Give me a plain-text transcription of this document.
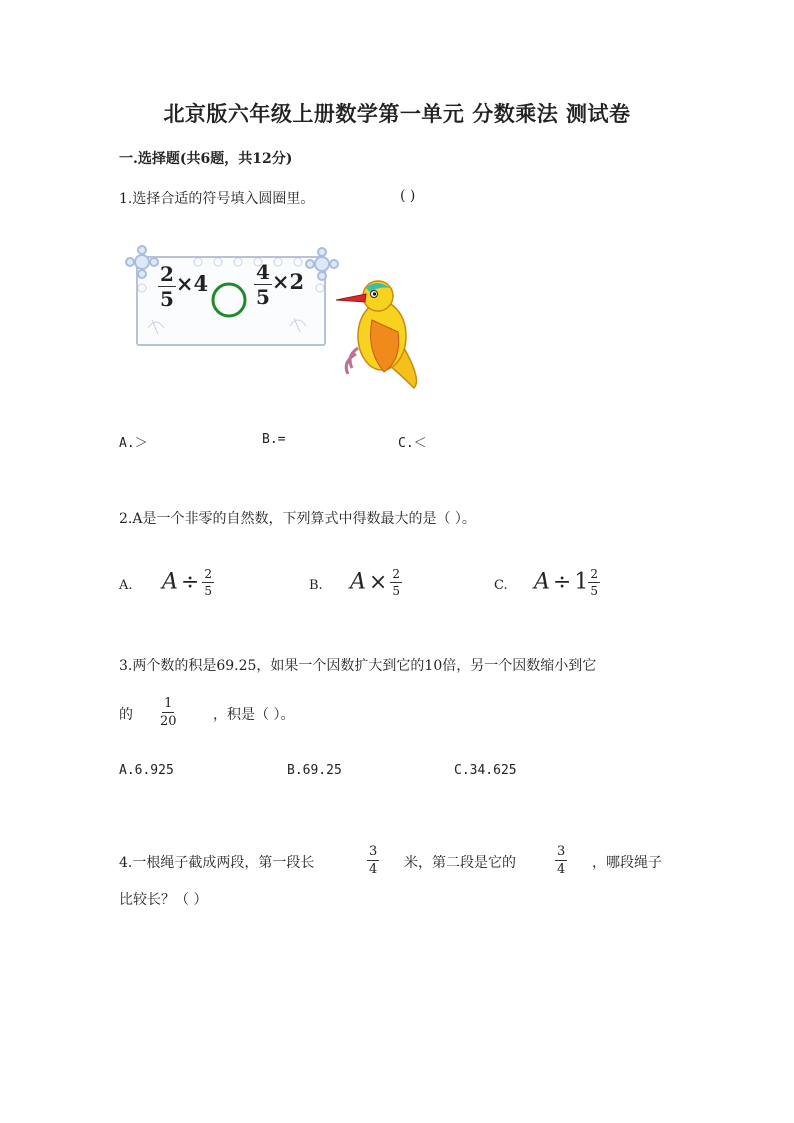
北京版六年级上册数学第一单元 分数乘法 测试卷
一.选择题(共6题，共12分)
1.选择合适的符号填入圆圈里。	( )
$\frac{2}{5} \times 4 \frac{4}{5} \times 2$
A.＞	B.=	C.＜
2.A是一个非零的自然数，下列算式中得数最大的是（ ）。
A. $A \div \frac{2}{5}$	B. $A \times \frac{2}{5}$	C. $A \div 1 \frac{2}{5}$
3.两个数的积是69.25，如果一个因数扩大到它的10倍，另一个因数缩小到它
的 $\frac{1}{20}$	，积是（ ）。
A.6.925	B.69.25	C.34.625
4.一根绳子截成两段，第一段长	$\frac{3}{4}$ 米，第二段是它的	$\frac{3}{4}$ ，哪段绳子
比较长？（ ）
